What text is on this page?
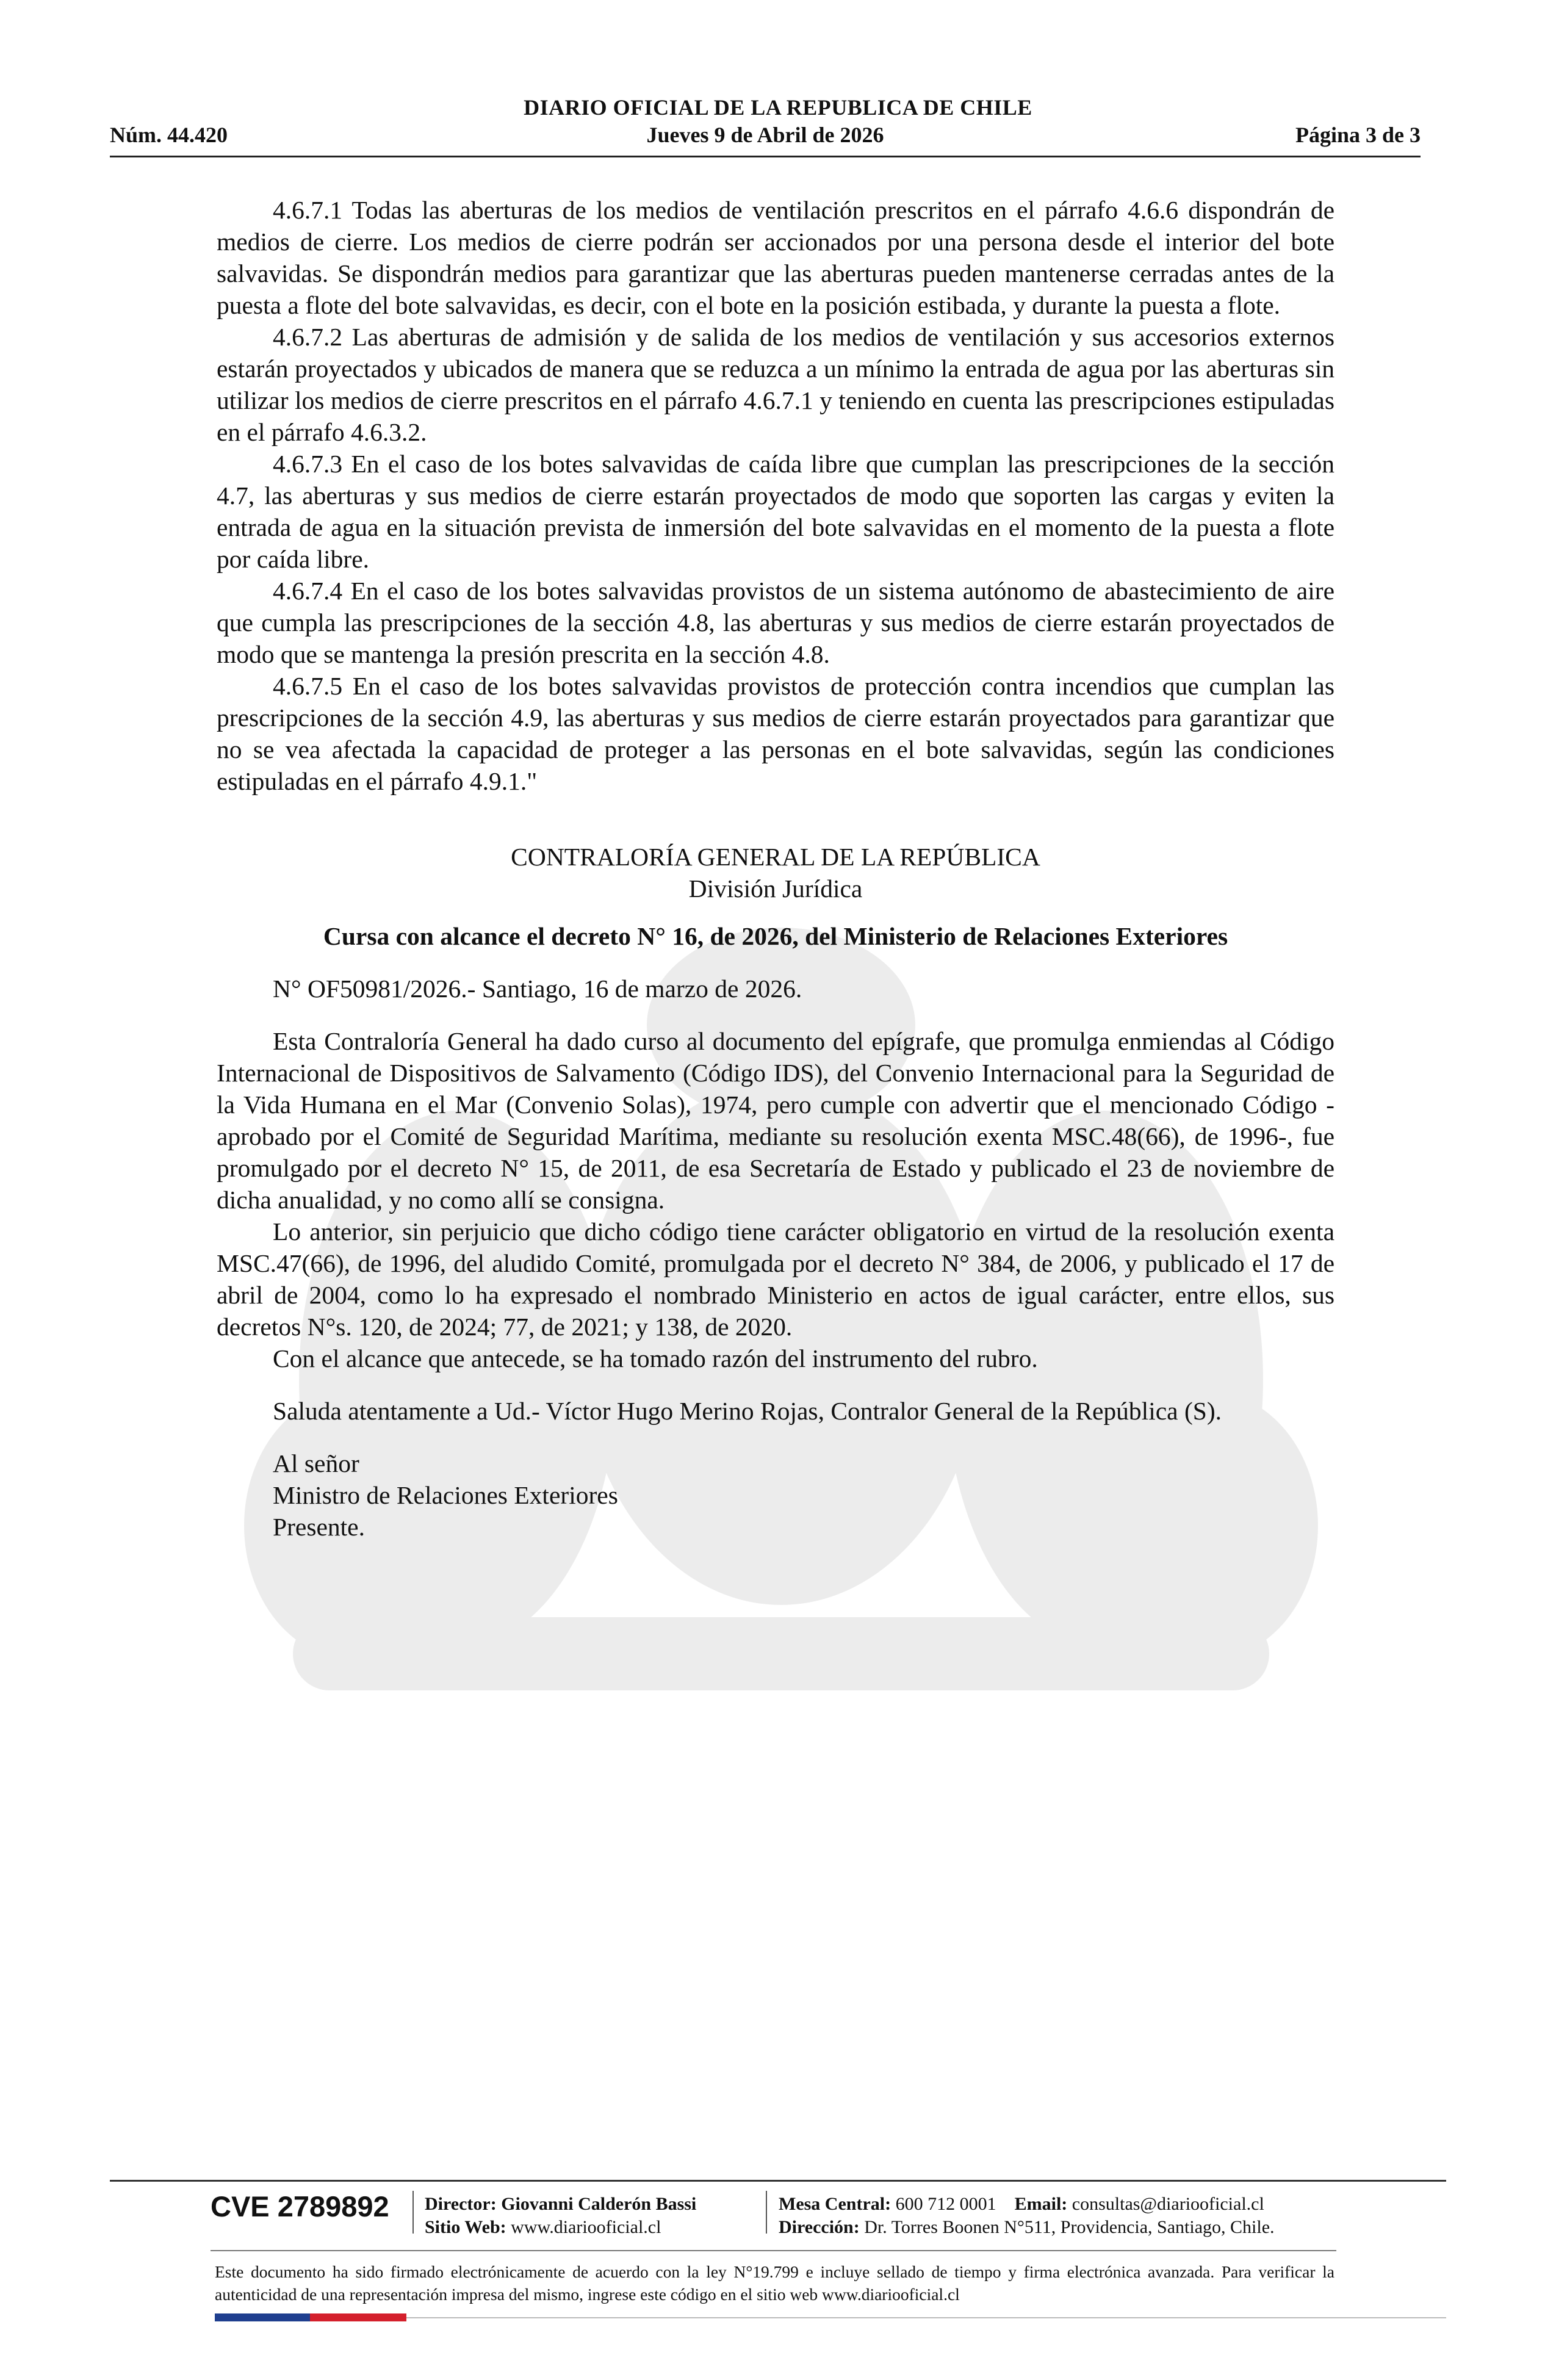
DIARIO OFICIAL DE LA REPUBLICA DE CHILE
Núm. 44.420	Jueves 9 de Abril de 2026	Página 3 de 3

4.6.7.1 Todas las aberturas de los medios de ventilación prescritos en el párrafo 4.6.6 dispondrán de medios de cierre. Los medios de cierre podrán ser accionados por una persona desde el interior del bote salvavidas. Se dispondrán medios para garantizar que las aberturas pueden mantenerse cerradas antes de la puesta a flote del bote salvavidas, es decir, con el bote en la posición estibada, y durante la puesta a flote.

4.6.7.2 Las aberturas de admisión y de salida de los medios de ventilación y sus accesorios externos estarán proyectados y ubicados de manera que se reduzca a un mínimo la entrada de agua por las aberturas sin utilizar los medios de cierre prescritos en el párrafo 4.6.7.1 y teniendo en cuenta las prescripciones estipuladas en el párrafo 4.6.3.2.

4.6.7.3 En el caso de los botes salvavidas de caída libre que cumplan las prescripciones de la sección 4.7, las aberturas y sus medios de cierre estarán proyectados de modo que soporten las cargas y eviten la entrada de agua en la situación prevista de inmersión del bote salvavidas en el momento de la puesta a flote por caída libre.

4.6.7.4 En el caso de los botes salvavidas provistos de un sistema autónomo de abastecimiento de aire que cumpla las prescripciones de la sección 4.8, las aberturas y sus medios de cierre estarán proyectados de modo que se mantenga la presión prescrita en la sección 4.8.

4.6.7.5 En el caso de los botes salvavidas provistos de protección contra incendios que cumplan las prescripciones de la sección 4.9, las aberturas y sus medios de cierre estarán proyectados para garantizar que no se vea afectada la capacidad de proteger a las personas en el bote salvavidas, según las condiciones estipuladas en el párrafo 4.9.1."

CONTRALORÍA GENERAL DE LA REPÚBLICA

División Jurídica

Cursa con alcance el decreto N° 16, de 2026, del Ministerio de Relaciones Exteriores

N° OF50981/2026.- Santiago, 16 de marzo de 2026.

Esta Contraloría General ha dado curso al documento del epígrafe, que promulga enmiendas al Código Internacional de Dispositivos de Salvamento (Código IDS), del Convenio Internacional para la Seguridad de la Vida Humana en el Mar (Convenio Solas), 1974, pero cumple con advertir que el mencionado Código -aprobado por el Comité de Seguridad Marítima, mediante su resolución exenta MSC.48(66), de 1996-, fue promulgado por el decreto N° 15, de 2011, de esa Secretaría de Estado y publicado el 23 de noviembre de dicha anualidad, y no como allí se consigna.

Lo anterior, sin perjuicio que dicho código tiene carácter obligatorio en virtud de la resolución exenta MSC.47(66), de 1996, del aludido Comité, promulgada por el decreto N° 384, de 2006, y publicado el 17 de abril de 2004, como lo ha expresado el nombrado Ministerio en actos de igual carácter, entre ellos, sus decretos N°s. 120, de 2024; 77, de 2021; y 138, de 2020.

Con el alcance que antecede, se ha tomado razón del instrumento del rubro.

Saluda atentamente a Ud.- Víctor Hugo Merino Rojas, Contralor General de la República (S).

Al señor

Ministro de Relaciones Exteriores

Presente.

CVE 2789892 Director: Giovanni Calderón Bassi
Sitio Web: www.diariooficial.cl
Mesa Central: 600 712 0001 Email: consultas@diariooficial.cl
Dirección: Dr. Torres Boonen N°511, Providencia, Santiago, Chile.
Este documento ha sido firmado electrónicamente de acuerdo con la ley N°19.799 e incluye sellado de tiempo y firma electrónica avanzada. Para verificar la autenticidad de una representación impresa del mismo, ingrese este código en el sitio web www.diariooficial.cl
